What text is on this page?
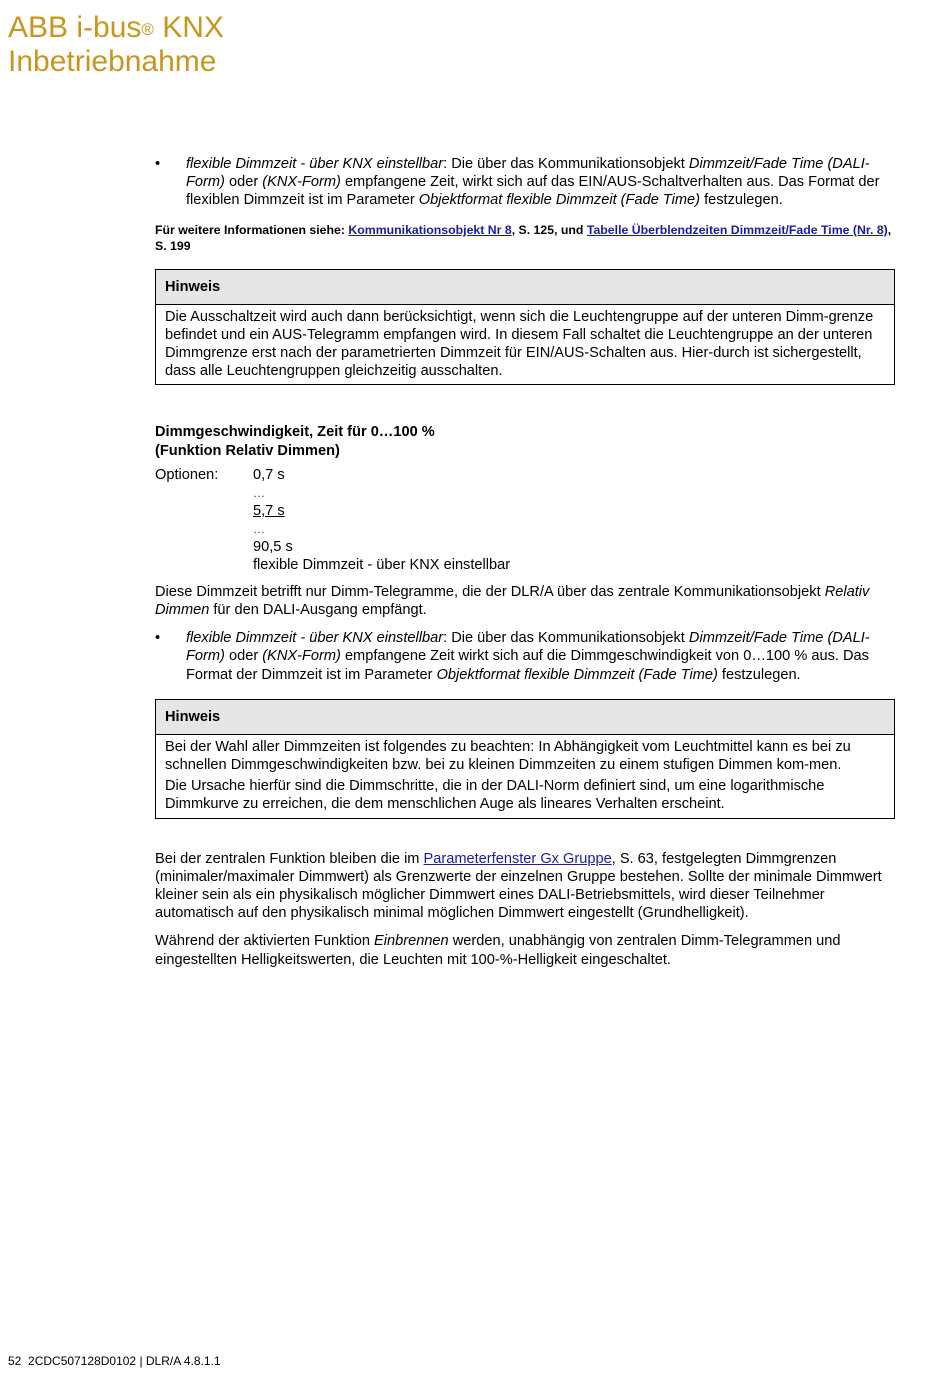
ABB i-bus® KNX
Inbetriebnahme

• flexible Dimmzeit - über KNX einstellbar: Die über das Kommunikationsobjekt Dimmzeit/Fade Time (DALI-Form) oder (KNX-Form) empfangene Zeit, wirkt sich auf das EIN/AUS-Schaltverhalten aus. Das Format der flexiblen Dimmzeit ist im Parameter Objektformat flexible Dimmzeit (Fade Time) festzulegen.

Für weitere Informationen siehe: Kommunikationsobjekt Nr 8, S. 125, und Tabelle Überblendzeiten Dimmzeit/Fade Time (Nr. 8), S. 199

Hinweis

Die Ausschaltzeit wird auch dann berücksichtigt, wenn sich die Leuchtengruppe auf der unteren Dimm-grenze befindet und ein AUS-Telegramm empfangen wird. In diesem Fall schaltet die Leuchtengruppe an der unteren Dimmgrenze erst nach der parametrierten Dimmzeit für EIN/AUS-Schalten aus. Hier-durch ist sichergestellt, dass alle Leuchtengruppen gleichzeitig ausschalten.

Dimmgeschwindigkeit, Zeit für 0…100 %
(Funktion Relativ Dimmen)
Optionen:	0,7 s
…
5,7 s
…
90,5 s
flexible Dimmzeit - über KNX einstellbar

Diese Dimmzeit betrifft nur Dimm-Telegramme, die der DLR/A über das zentrale Kommunikationsobjekt Relativ Dimmen für den DALI-Ausgang empfängt.

• flexible Dimmzeit - über KNX einstellbar: Die über das Kommunikationsobjekt Dimmzeit/Fade Time (DALI-Form) oder (KNX-Form) empfangene Zeit wirkt sich auf die Dimmgeschwindigkeit von 0…100 % aus. Das Format der Dimmzeit ist im Parameter Objektformat flexible Dimmzeit (Fade Time) festzulegen.

Hinweis

Bei der Wahl aller Dimmzeiten ist folgendes zu beachten: In Abhängigkeit vom Leuchtmittel kann es bei zu schnellen Dimmgeschwindigkeiten bzw. bei zu kleinen Dimmzeiten zu einem stufigen Dimmen kom-men.

Die Ursache hierfür sind die Dimmschritte, die in der DALI-Norm definiert sind, um eine logarithmische Dimmkurve zu erreichen, die dem menschlichen Auge als lineares Verhalten erscheint.

Bei der zentralen Funktion bleiben die im Parameterfenster Gx Gruppe, S. 63, festgelegten Dimmgrenzen (minimaler/maximaler Dimmwert) als Grenzwerte der einzelnen Gruppe bestehen. Sollte der minimale Dimmwert kleiner sein als ein physikalisch möglicher Dimmwert eines DALI-Betriebsmittels, wird dieser Teilnehmer automatisch auf den physikalisch minimal möglichen Dimmwert eingestellt (Grundhelligkeit).

Während der aktivierten Funktion Einbrennen werden, unabhängig von zentralen Dimm-Telegrammen und eingestellten Helligkeitswerten, die Leuchten mit 100-%-Helligkeit eingeschaltet.

52 2CDC507128D0102 | DLR/A 4.8.1.1
